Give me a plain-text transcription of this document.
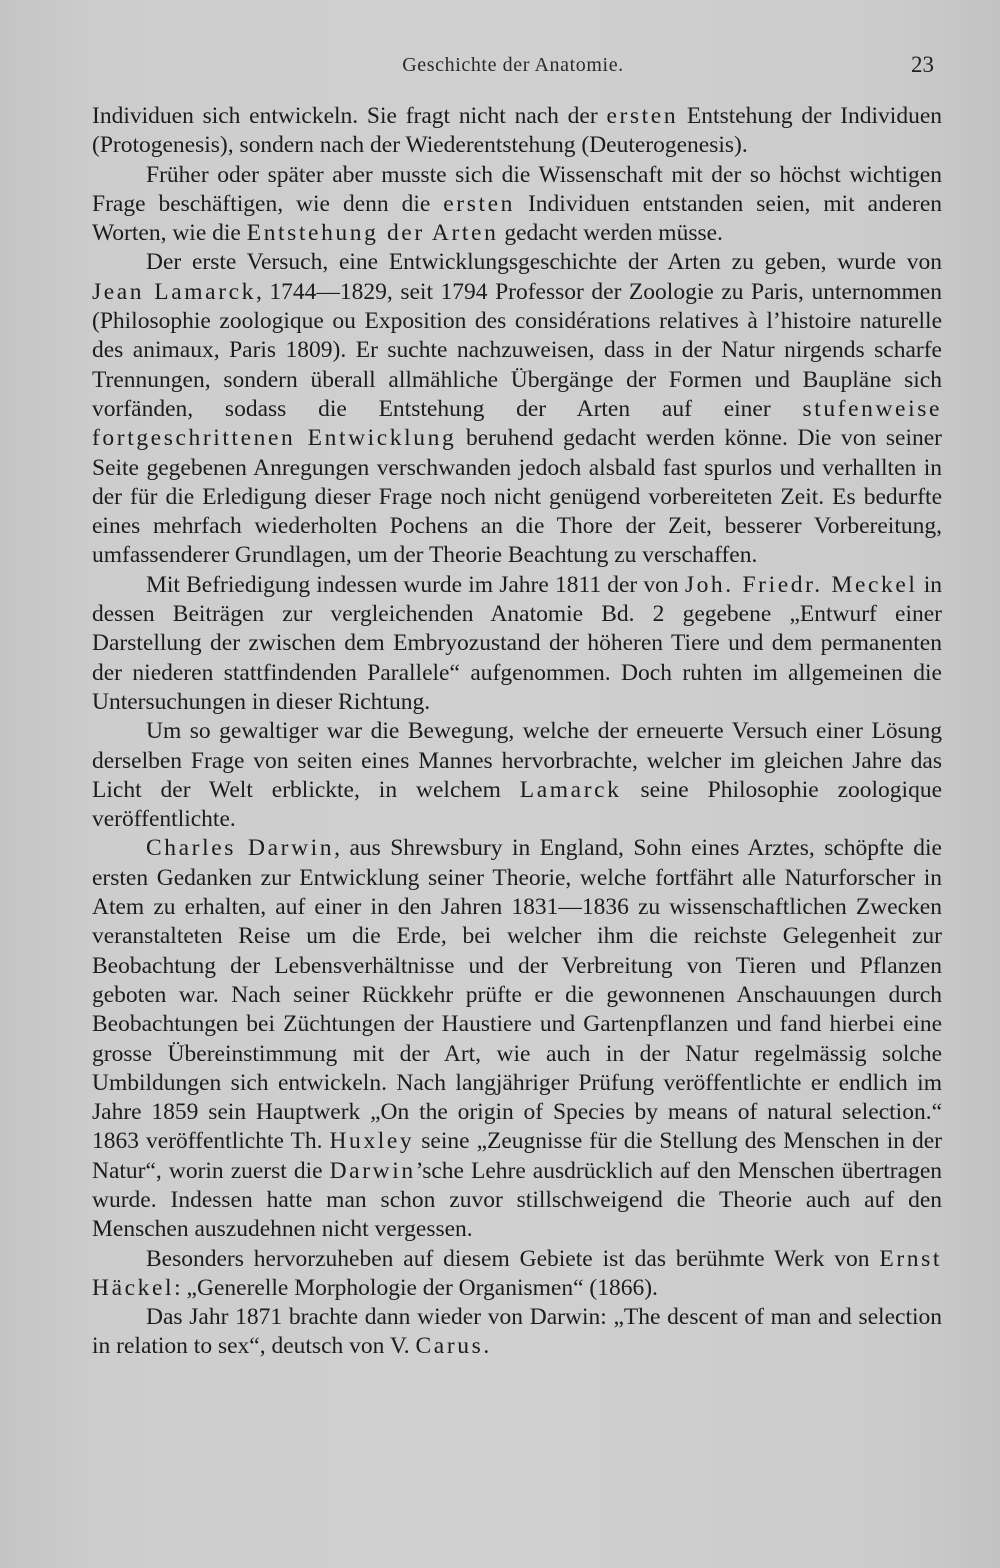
Geschichte der Anatomie.	23

Individuen sich entwickeln. Sie fragt nicht nach der ersten Entstehung der Individuen (Protogenesis), sondern nach der Wiederentstehung (Deuterogenesis).

Früher oder später aber musste sich die Wissenschaft mit der so höchst wichtigen Frage beschäftigen, wie denn die ersten Individuen entstanden seien, mit anderen Worten, wie die Entstehung der Arten gedacht werden müsse.

Der erste Versuch, eine Entwicklungsgeschichte der Arten zu geben, wurde von Jean Lamarck, 1744—1829, seit 1794 Professor der Zoologie zu Paris, unternommen (Philosophie zoologique ou Exposition des considérations relatives à l’histoire naturelle des animaux, Paris 1809). Er suchte nachzuweisen, dass in der Natur nirgends scharfe Trennungen, sondern überall allmähliche Übergänge der Formen und Baupläne sich vorfänden, sodass die Entstehung der Arten auf einer stufenweise fortgeschrittenen Entwicklung beruhend gedacht werden könne. Die von seiner Seite gegebenen Anregungen verschwanden jedoch alsbald fast spurlos und verhallten in der für die Erledigung dieser Frage noch nicht genügend vorbereiteten Zeit. Es bedurfte eines mehrfach wiederholten Pochens an die Thore der Zeit, besserer Vorbereitung, umfassenderer Grundlagen, um der Theorie Beachtung zu verschaffen.

Mit Befriedigung indessen wurde im Jahre 1811 der von Joh. Friedr. Meckel in dessen Beiträgen zur vergleichenden Anatomie Bd. 2 gegebene „Entwurf einer Darstellung der zwischen dem Embryozustand der höheren Tiere und dem permanenten der niederen stattfindenden Parallele“ aufgenommen. Doch ruhten im allgemeinen die Untersuchungen in dieser Richtung.

Um so gewaltiger war die Bewegung, welche der erneuerte Versuch einer Lösung derselben Frage von seiten eines Mannes hervorbrachte, welcher im gleichen Jahre das Licht der Welt erblickte, in welchem Lamarck seine Philosophie zoologique veröffentlichte.

Charles Darwin, aus Shrewsbury in England, Sohn eines Arztes, schöpfte die ersten Gedanken zur Entwicklung seiner Theorie, welche fortfährt alle Naturforscher in Atem zu erhalten, auf einer in den Jahren 1831—1836 zu wissenschaftlichen Zwecken veranstalteten Reise um die Erde, bei welcher ihm die reichste Gelegenheit zur Beobachtung der Lebensverhältnisse und der Verbreitung von Tieren und Pflanzen geboten war. Nach seiner Rückkehr prüfte er die gewonnenen Anschauungen durch Beobachtungen bei Züchtungen der Haustiere und Gartenpflanzen und fand hierbei eine grosse Übereinstimmung mit der Art, wie auch in der Natur regelmässig solche Umbildungen sich entwickeln. Nach langjähriger Prüfung veröffentlichte er endlich im Jahre 1859 sein Hauptwerk „On the origin of Species by means of natural selection.“ 1863 veröffentlichte Th. Huxley seine „Zeugnisse für die Stellung des Menschen in der Natur“, worin zuerst die Darwin’sche Lehre ausdrücklich auf den Menschen übertragen wurde. Indessen hatte man schon zuvor stillschweigend die Theorie auch auf den Menschen auszudehnen nicht vergessen.

Besonders hervorzuheben auf diesem Gebiete ist das berühmte Werk von Ernst Häckel: „Generelle Morphologie der Organismen“ (1866).

Das Jahr 1871 brachte dann wieder von Darwin: „The descent of man and selection in relation to sex“, deutsch von V. Carus.
